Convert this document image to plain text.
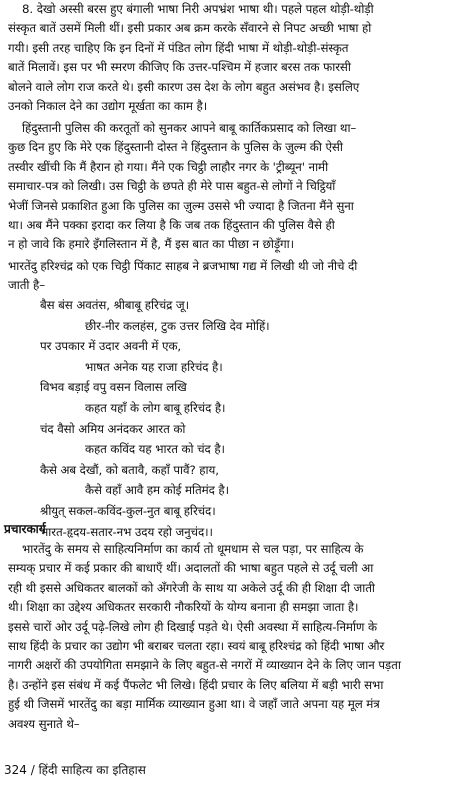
8. देखो अस्सी बरस हुए बंगाली भाषा निरी अपभ्रंश भाषा थी। पहले पहल थोड़ी-थोड़ी
संस्कृत बातें उसमें मिली थीं। इसी प्रकार अब क्रम करके सँवारने से निपट अच्छी भाषा हो
गयी। इसी तरह चाहिए कि इन दिनों में पंडित लोग हिंदी भाषा में थोड़ी-थोड़ी-संस्कृत
बातें मिलावें। इस पर भी स्मरण कीजिए कि उत्तर-पश्चिम में हजार बरस तक फारसी
बोलने वाले लोग राज करते थे। इसी कारण उस देश के लोग बहुत असंभव है। इसलिए
उनको निकाल देने का उद्योग मूर्खता का काम है।
हिंदुस्तानी पुलिस की करतूतों को सुनकर आपने बाबू कार्तिकप्रसाद को लिखा था–
कुछ दिन हुए कि मेरे एक हिंदुस्तानी दोस्त ने हिंदुस्तान के पुलिस के ज़ुल्म की ऐसी
तस्वीर खींची कि मैं हैरान हो गया। मैंने एक चिट्ठी लाहौर नगर के 'ट्रीब्यून' नामी
समाचार-पत्र को लिखी। उस चिट्ठी के छपते ही मेरे पास बहुत-से लोगों ने चिट्ठियाँ
भेजीं जिनसे प्रकाशित हुआ कि पुलिस का ज़ुल्म उससे भी ज्यादा है जितना मैंने सुना
था। अब मैंने पक्का इरादा कर लिया है कि जब तक हिंदुस्तान की पुलिस वैसे ही
न हो जावे कि हमारे इँगलिस्तान में है, मैं इस बात का पीछा न छोड़ूँगा।
भारतेंदु हरिश्चंद्र को एक चिट्ठी पिंकाट साहब ने ब्रजभाषा गद्य में लिखी थी जो नीचे दी
जाती है–
बैस बंस अवतंस, श्रीबाबू हरिचंद्र जू।
छीर-नीर कलहंस, टुक उत्तर लिखि देव मोहिं।
पर उपकार में उदार अवनी में एक,
भाषत अनेक यह राजा हरिचंद है।
विभव बड़ाई वपु वसन विलास लखि
कहत यहाँ के लोग बाबू हरिचंद है।
चंद वैसो अमिय अनंदकर आरत को
कहत कविंद यह भारत को चंद है।
कैसे अब देखौं, को बतावै, कहाँ पावैं? हाय,
कैसे वहाँ आवै हम कोई मतिमंद है।
श्रीयुत् सकल-कविंद-कुल-नुत बाबू हरिचंद।
भारत-हृदय-सतार-नभ उदय रहो जनुचंद।।
प्रचारकार्य
भारतेंदु के समय से साहित्यनिर्माण का कार्य तो धूमधाम से चल पड़ा, पर साहित्य के
सम्यक् प्रचार में कई प्रकार की बाधाएँ थीं। अदालतों की भाषा बहुत पहले से उर्दू चली आ
रही थी इससे अधिकतर बालकों को अँगरेजी के साथ या अकेले उर्दू की ही शिक्षा दी जाती
थी। शिक्षा का उद्देश्य अधिकतर सरकारी नौकरियों के योग्य बनाना ही समझा जाता है।
इससे चारों ओर उर्दू पढ़े-लिखे लोग ही दिखाई पड़ते थे। ऐसी अवस्था में साहित्य-निर्माण के
साथ हिंदी के प्रचार का उद्योग भी बराबर चलता रहा। स्वयं बाबू हरिश्चंद्र को हिंदी भाषा और
नागरी अक्षरों की उपयोगिता समझाने के लिए बहुत-से नगरों में व्याख्यान देने के लिए जान पड़ता
है। उन्होंने इस संबंध में कई पैंफलेट भी लिखे। हिंदी प्रचार के लिए बलिया में बड़ी भारी सभा
हुई थी जिसमें भारतेंदु का बड़ा मार्मिक व्याख्यान हुआ था। वे जहाँ जाते अपना यह मूल मंत्र
अवश्य सुनाते थे–
324 / हिंदी साहित्य का इतिहास
